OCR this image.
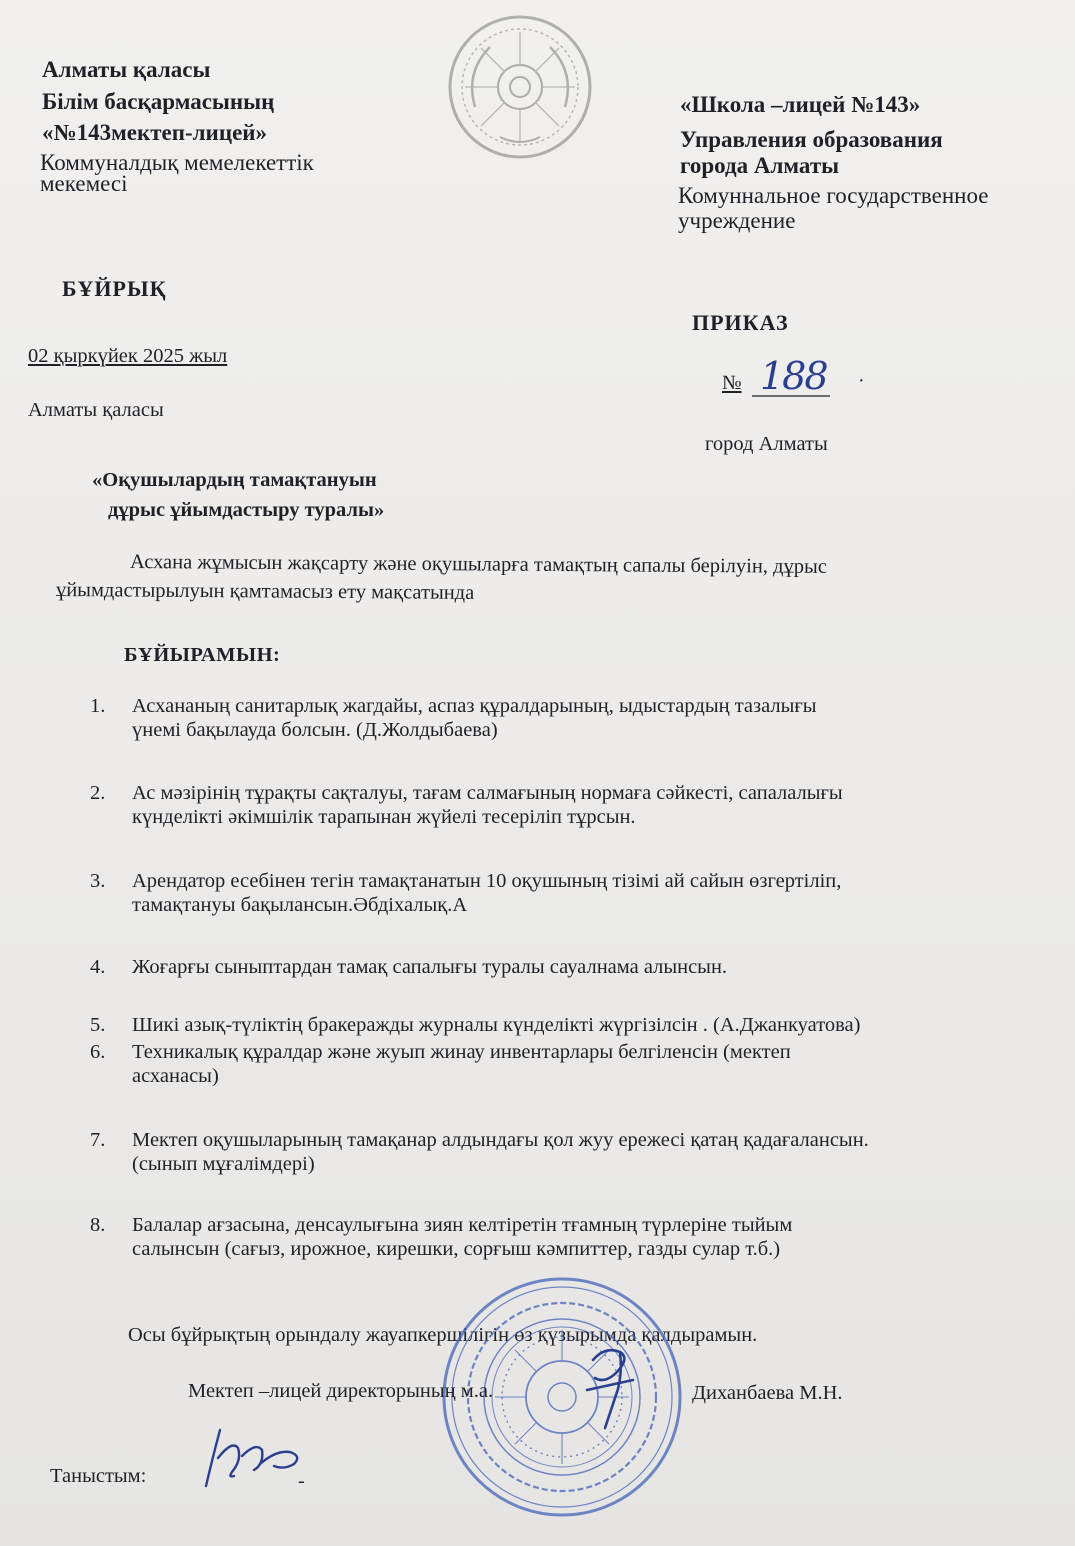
Алматы қаласы
Білім басқармасының
«№143мектеп-лицей»
Коммуналдық мемелекеттік
мекемесі
«Школа –лицей №143»
Управления образования
города Алматы
Комуннальное государственное
учреждение
БҰЙРЫҚ
ПРИКАЗ
02 қыркүйек 2025 жыл
№ 188 ·
Алматы қаласы
город Алматы
«Оқушылардың тамақтануын
дұрыс ұйымдастыру туралы»
Асхана жұмысын жақсарту және оқушыларға тамақтың сапалы берілуін, дұрыс
ұйымдастырылуын қамтамасыз ету мақсатында
БҰЙЫРАМЫН:
1.	Асхананың санитарлық жагдайы, аспаз құралдарының, ыдыстардың тазалығы
үнемі бақылауда болсын. (Д.Жолдыбаева)
2.	Ас мәзірінің тұрақты сақталуы, тағам салмағының нормаға сәйкесті, сапалалығы
күнделікті әкімшілік тарапынан жүйелі тесеріліп тұрсын.
3.	Арендатор есебінен тегін тамақтанатын 10 оқушының тізімі ай сайын өзгертіліп,
тамақтануы бақылансын.Әбдіхалық.А
4.	Жоғарғы сыныптардан тамақ сапалығы туралы сауалнама алынсын.
5.	Шикі азық-түліктің бракеражды журналы күнделікті жүргізілсін . (А.Джанкуатова)
6.	Техникалық құралдар және жуып жинау инвентарлары белгіленсін (мектеп
асханасы)
7.	Мектеп оқушыларының тамақанар алдындағы қол жуу ережесі қатаң қадағалансын.
(сынып мұғалімдері)
8.	Балалар ағзасына, денсаулығына зиян келтіретін тғамның түрлеріне тыйым
салынсын (сағыз, ирожное, кирешки, сорғыш кәмпиттер, газды сулар т.б.)
Осы бұйрықтың орындалу жауапкершілігін өз қүзырымда қалдырамын.
Мектеп –лицей директорының м.а.	Диханбаева М.Н.
Таныстым:	-
